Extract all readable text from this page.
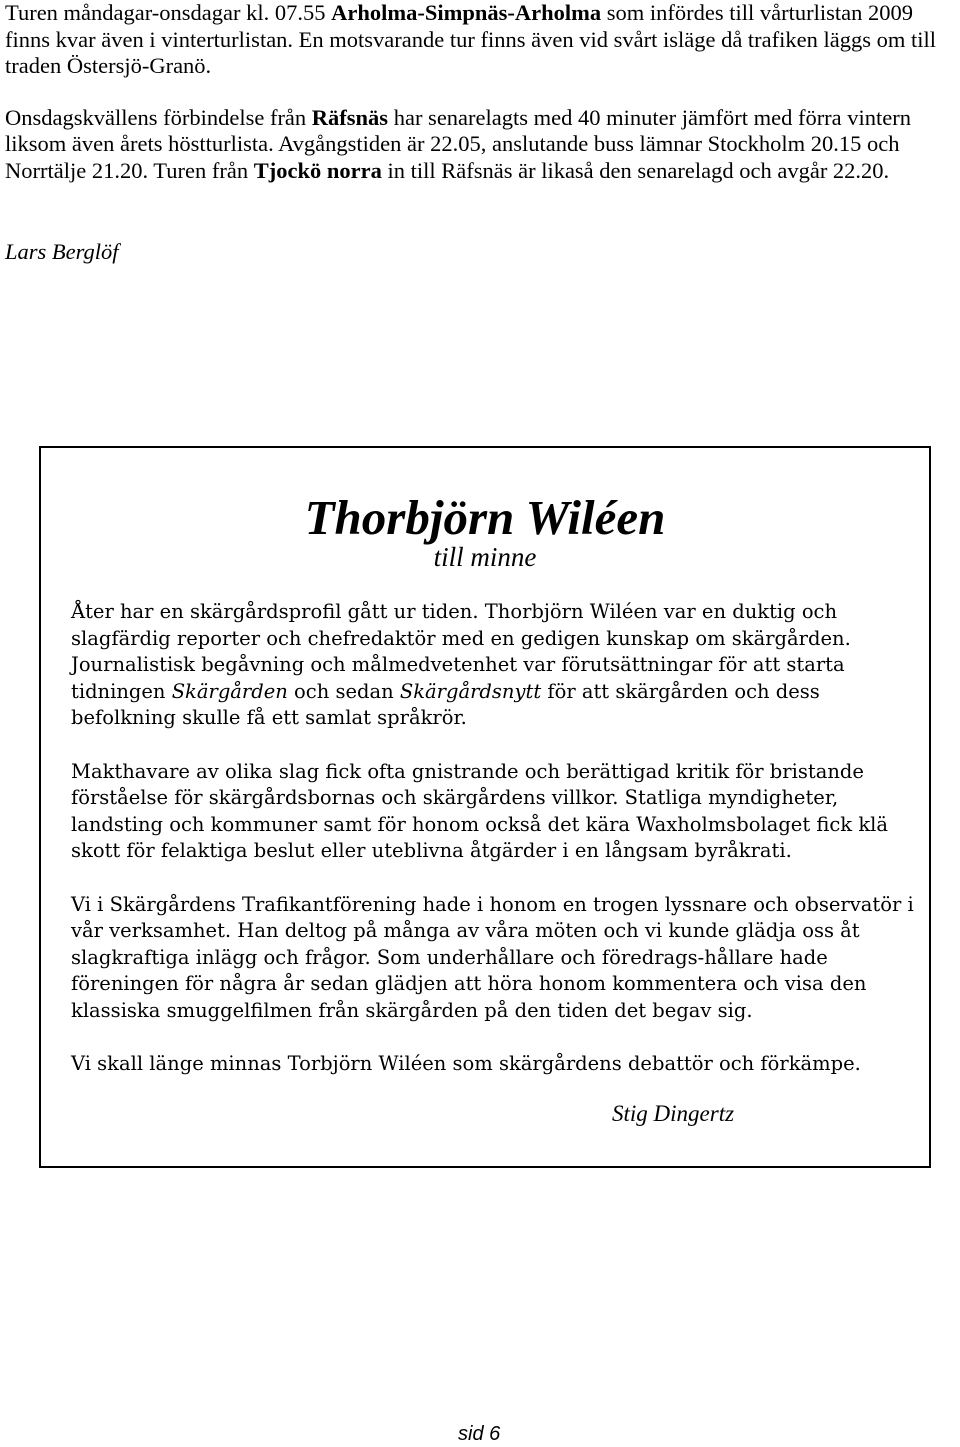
Turen måndagar-onsdagar kl. 07.55 Arholma-Simpnäs-Arholma som infördes till vårturlistan 2009 finns kvar även i vinterturlistan. En motsvarande tur finns även vid svårt isläge då trafiken läggs om till traden Östersjö-Granö.

Onsdagskvällens förbindelse från Räfsnäs har senarelagts med 40 minuter jämfört med förra vintern liksom även årets höstturlista. Avgångstiden är 22.05, anslutande buss lämnar Stockholm 20.15 och Norrtälje 21.20. Turen från Tjockö norra in till Räfsnäs är likaså den senarelagd och avgår 22.20.

Lars Berglöf
Thorbjörn Wiléen
till minne

Åter har en skärgårdsprofil gått ur tiden. Thorbjörn Wiléen var en duktig och slagfärdig reporter och chefredaktör med en gedigen kunskap om skärgården. Journalistisk begåvning och målmedvetenhet var förutsättningar för att starta tidningen Skärgården och sedan Skärgårdsnytt för att skärgården och dess befolkning skulle få ett samlat språkrör.

Makthavare av olika slag fick ofta gnistrande och berättigad kritik för bristande förståelse för skärgårdsbornas och skärgårdens villkor. Statliga myndigheter, landsting och kommuner samt för honom också det kära Waxholmsbolaget fick klä skott för felaktiga beslut eller uteblivna åtgärder i en långsam byråkrati.

Vi i Skärgårdens Trafikantförening hade i honom en trogen lyssnare och observatör i vår verksamhet. Han deltog på många av våra möten och vi kunde glädja oss åt slagkraftiga inlägg och frågor. Som underhållare och föredrags-hållare hade föreningen för några år sedan glädjen att höra honom kommentera och visa den klassiska smuggelfilmen från skärgården på den tiden det begav sig.

Vi skall länge minnas Torbjörn Wiléen som skärgårdens debattör och förkämpe.

Stig Dingertz
sid 6
